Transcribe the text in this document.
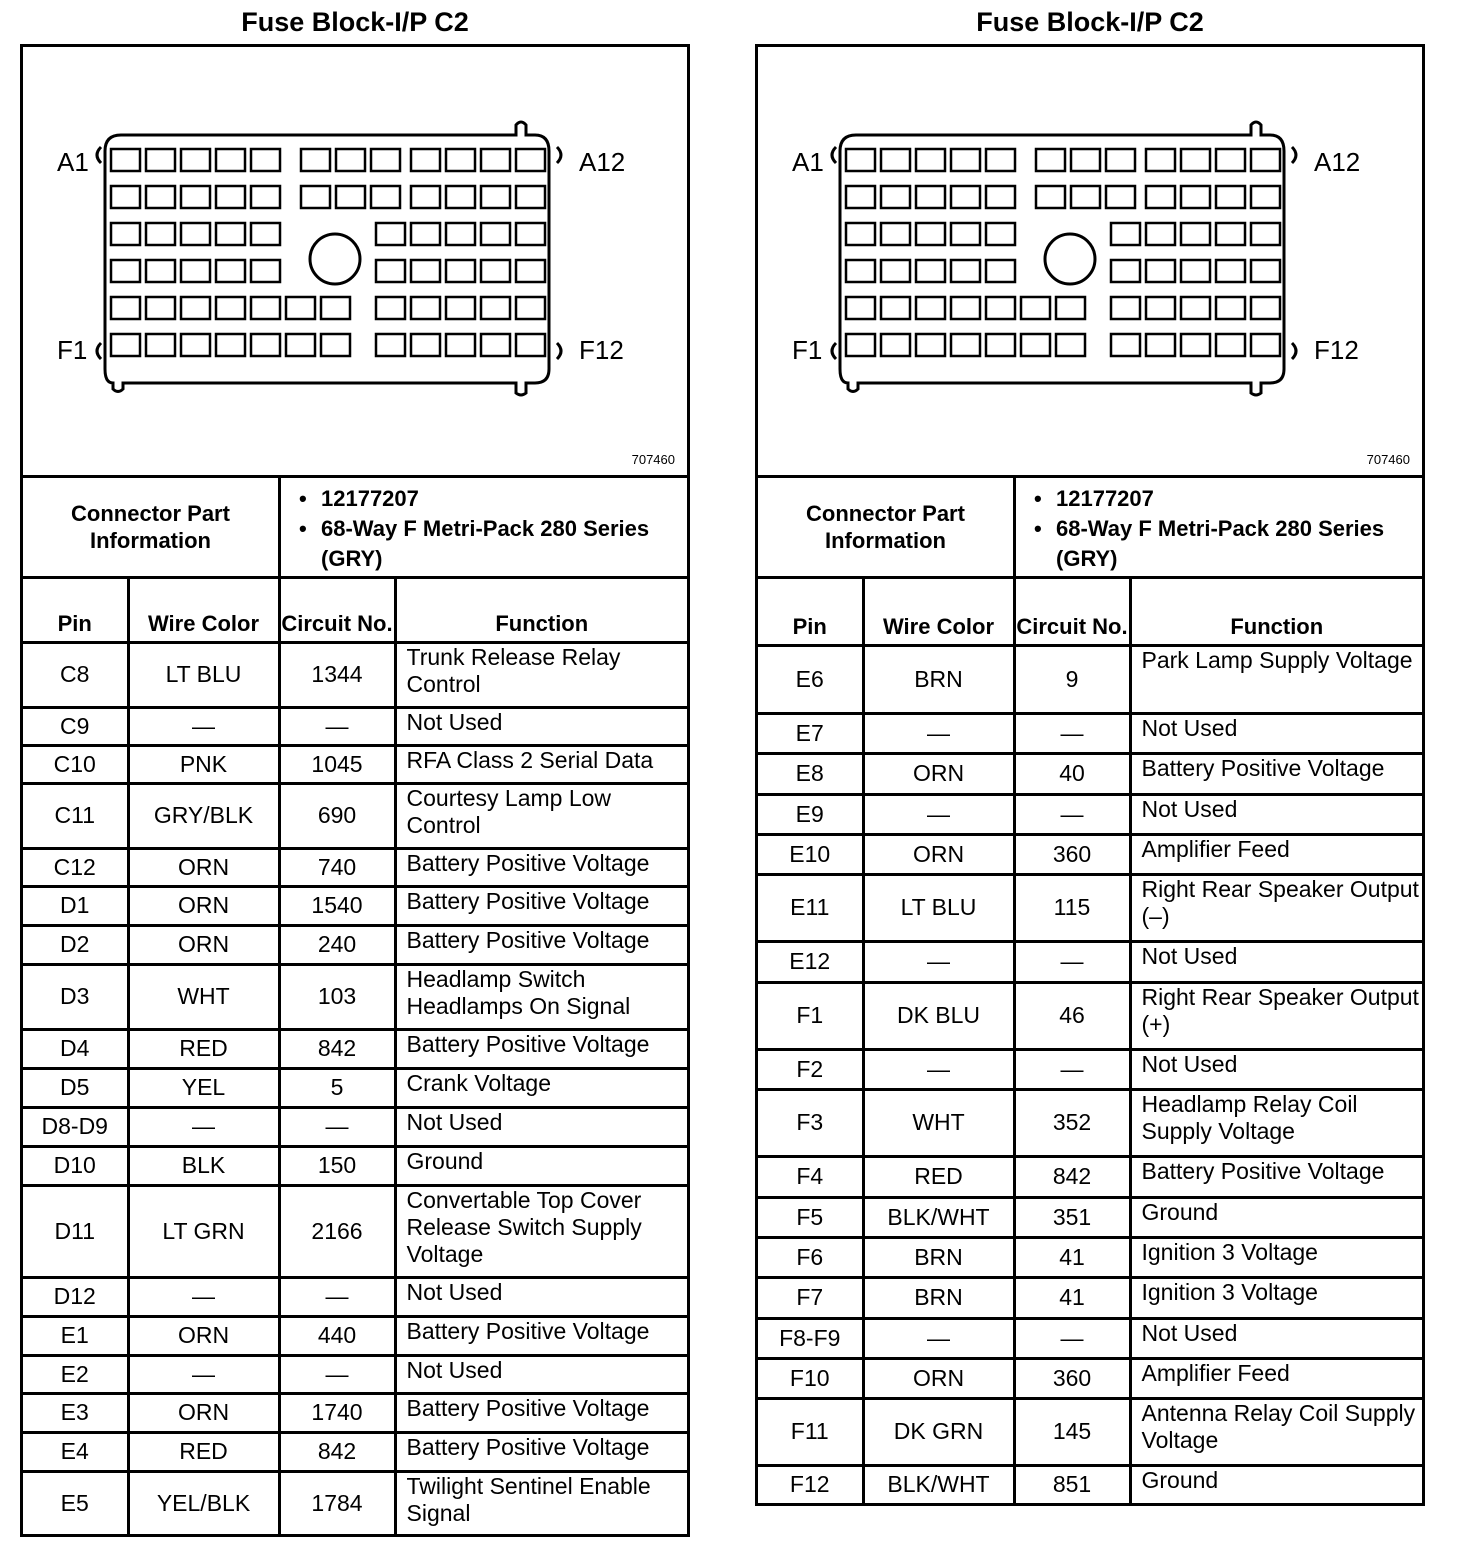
Fuse Block-I/P C2
A1	A12
F1	F12
707460
Connector Part Information
• 12177207
• 68-Way F Metri-Pack 280 Series (GRY)
Pin	Wire Color	Circuit No.	Function
C8	LT BLU	1344	Trunk Release Relay Control
C9	—	—	Not Used
C10	PNK	1045	RFA Class 2 Serial Data
C11	GRY/BLK	690	Courtesy Lamp Low Control
C12	ORN	740	Battery Positive Voltage
D1	ORN	1540	Battery Positive Voltage
D2	ORN	240	Battery Positive Voltage
D3	WHT	103	Headlamp Switch Headlamps On Signal
D4	RED	842	Battery Positive Voltage
D5	YEL	5	Crank Voltage
D8-D9	—	—	Not Used
D10	BLK	150	Ground
D11	LT GRN	2166	Convertable Top Cover Release Switch Supply Voltage
D12	—	—	Not Used
E1	ORN	440	Battery Positive Voltage
E2	—	—	Not Used
E3	ORN	1740	Battery Positive Voltage
E4	RED	842	Battery Positive Voltage
E5	YEL/BLK	1784	Twilight Sentinel Enable Signal
Fuse Block-I/P C2
A1	A12
F1	F12
707460
Connector Part Information
• 12177207
• 68-Way F Metri-Pack 280 Series (GRY)
Pin	Wire Color	Circuit No.	Function
E6	BRN	9	Park Lamp Supply Voltage
E7	—	—	Not Used
E8	ORN	40	Battery Positive Voltage
E9	—	—	Not Used
E10	ORN	360	Amplifier Feed
E11	LT BLU	115	Right Rear Speaker Output (–)
E12	—	—	Not Used
F1	DK BLU	46	Right Rear Speaker Output (+)
F2	—	—	Not Used
F3	WHT	352	Headlamp Relay Coil Supply Voltage
F4	RED	842	Battery Positive Voltage
F5	BLK/WHT	351	Ground
F6	BRN	41	Ignition 3 Voltage
F7	BRN	41	Ignition 3 Voltage
F8-F9	—	—	Not Used
F10	ORN	360	Amplifier Feed
F11	DK GRN	145	Antenna Relay Coil Supply Voltage
F12	BLK/WHT	851	Ground
